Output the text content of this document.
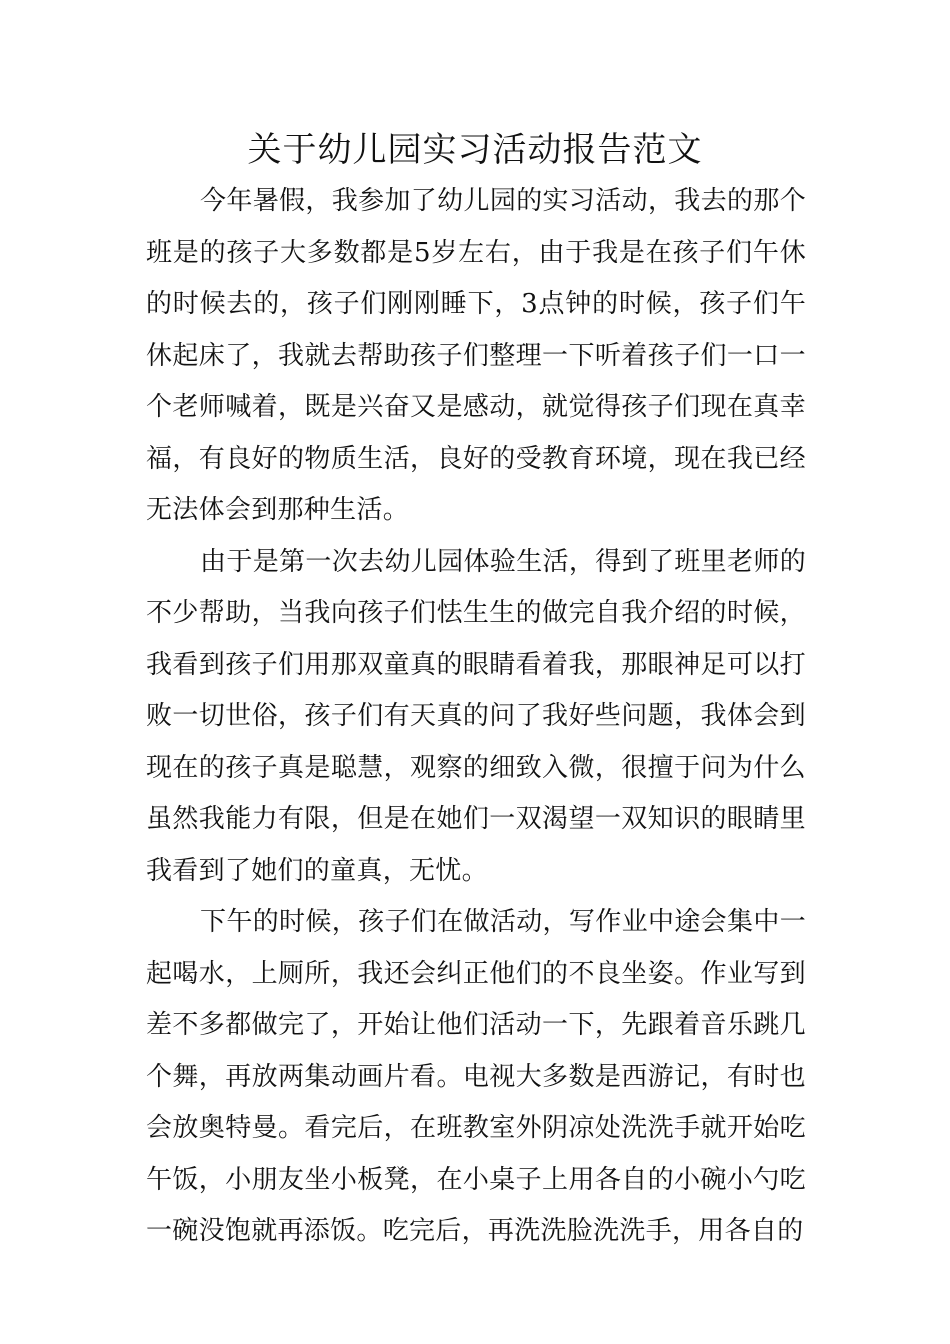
关于幼儿园实习活动报告范文

今年暑假，我参加了幼儿园的实习活动，我去的那个班是的孩子大多数都是5岁左右，由于我是在孩子们午休的时候去的，孩子们刚刚睡下，3点钟的时候，孩子们午休起床了，我就去帮助孩子们整理一下听着孩子们一口一个老师喊着，既是兴奋又是感动，就觉得孩子们现在真幸福，有良好的物质生活，良好的受教育环境，现在我已经无法体会到那种生活。

由于是第一次去幼儿园体验生活，得到了班里老师的不少帮助，当我向孩子们怯生生的做完自我介绍的时候，我看到孩子们用那双童真的眼睛看着我，那眼神足可以打败一切世俗，孩子们有天真的问了我好些问题，我体会到现在的孩子真是聪慧，观察的细致入微，很擅于问为什么虽然我能力有限，但是在她们一双渴望一双知识的眼睛里我看到了她们的童真，无忧。

下午的时候，孩子们在做活动，写作业中途会集中一起喝水，上厕所，我还会纠正他们的不良坐姿。作业写到差不多都做完了，开始让他们活动一下，先跟着音乐跳几个舞，再放两集动画片看。电视大多数是西游记，有时也会放奥特曼。看完后，在班教室外阴凉处洗洗手就开始吃午饭，小朋友坐小板凳，在小桌子上用各自的小碗小勺吃一碗没饱就再添饭。吃完后，再洗洗脸洗洗手，用各自的
